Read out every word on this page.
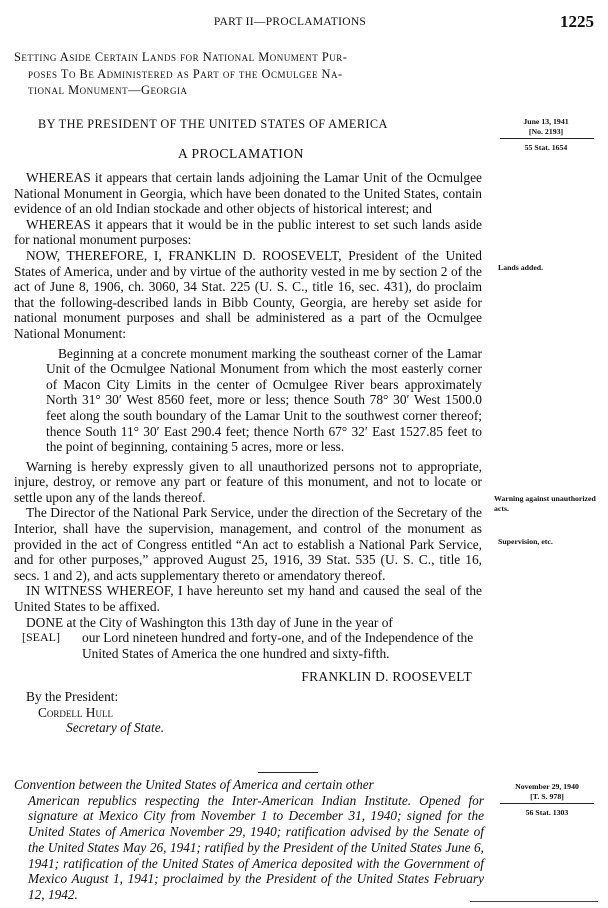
PART II—PROCLAMATIONS	1225
Setting Aside Certain Lands for National Monument Pur-
poses To Be Administered as Part of the Ocmulgee Na-
tional Monument—Georgia
BY THE PRESIDENT OF THE UNITED STATES OF AMERICA
A PROCLAMATION
June 13, 1941
[No. 2193]
55 Stat. 1654
Lands added.
Warning against unauthorized acts.
Supervision, etc.

WHEREAS it appears that certain lands adjoining the Lamar Unit of the Ocmulgee National Monument in Georgia, which have been donated to the United States, contain evidence of an old Indian stockade and other objects of historical interest; and

WHEREAS it appears that it would be in the public interest to set such lands aside for national monument purposes:

NOW, THEREFORE, I, FRANKLIN D. ROOSEVELT, President of the United States of America, under and by virtue of the authority vested in me by section 2 of the act of June 8, 1906, ch. 3060, 34 Stat. 225 (U. S. C., title 16, sec. 431), do proclaim that the following-described lands in Bibb County, Georgia, are hereby set aside for national monument purposes and shall be administered as a part of the Ocmulgee National Monument:

Beginning at a concrete monument marking the southeast corner of the Lamar Unit of the Ocmulgee National Monument from which the most easterly corner of Macon City Limits in the center of Ocmulgee River bears approximately North 31° 30′ West 8560 feet, more or less; thence South 78° 30′ West 1500.0 feet along the south boundary of the Lamar Unit to the southwest corner thereof; thence South 11° 30′ East 290.4 feet; thence North 67° 32′ East 1527.85 feet to the point of beginning, containing 5 acres, more or less.

Warning is hereby expressly given to all unauthorized persons not to appropriate, injure, destroy, or remove any part or feature of this monument, and not to locate or settle upon any of the lands thereof.

The Director of the National Park Service, under the direction of the Secretary of the Interior, shall have the supervision, management, and control of the monument as provided in the act of Congress entitled “An act to establish a National Park Service, and for other purposes,” approved August 25, 1916, 39 Stat. 535 (U. S. C., title 16, secs. 1 and 2), and acts supplementary thereto or amendatory thereof.

IN WITNESS WHEREOF, I have hereunto set my hand and caused the seal of the United States to be affixed.

DONE at the City of Washington this 13th day of June in the year of
[SEAL]	our Lord nineteen hundred and forty-one, and of the Independence of the United States of America the one hundred and sixty-fifth.
FRANKLIN D. ROOSEVELT
By the President:
Cordell Hull
Secretary of State.
Convention between the United States of America and certain other
American republics respecting the Inter-American Indian Institute. Opened for signature at Mexico City from November 1 to December 31, 1940; signed for the United States of America November 29, 1940; ratification advised by the Senate of the United States May 26, 1941; ratified by the President of the United States June 6, 1941; ratification of the United States of America deposited with the Government of Mexico August 1, 1941; proclaimed by the President of the United States February 12, 1942.
November 29, 1940
[T. S. 978]
56 Stat. 1303
